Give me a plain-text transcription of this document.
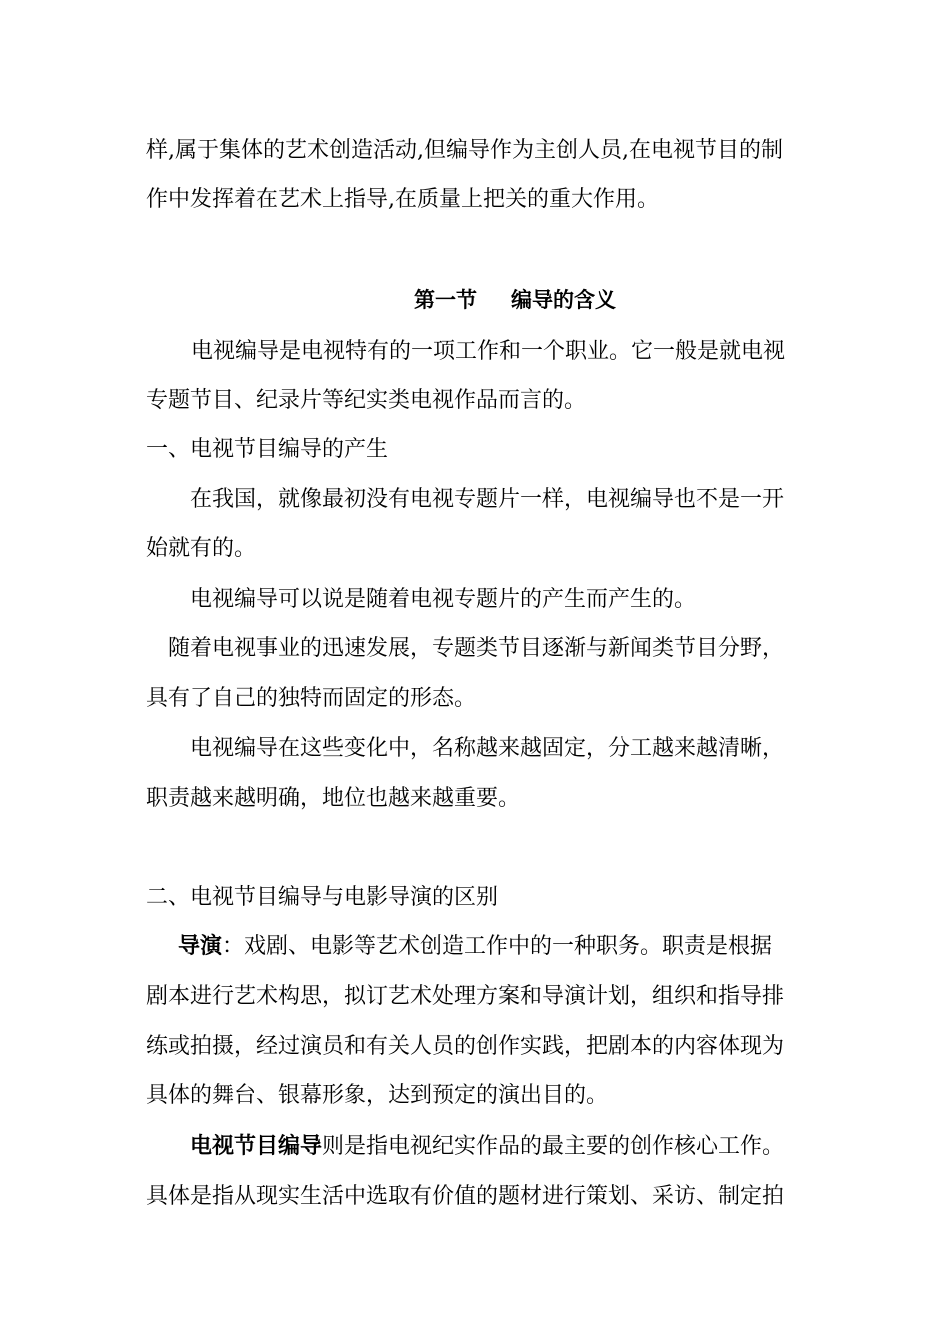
样,属于集体的艺术创造活动,但编导作为主创人员,在电视节目的制
作中发挥着在艺术上指导,在质量上把关的重大作用。
第一节 编导的含义
电视编导是电视特有的一项工作和一个职业。它一般是就电视
专题节目、纪录片等纪实类电视作品而言的。
一、电视节目编导的产生
在我国，就像最初没有电视专题片一样，电视编导也不是一开
始就有的。
电视编导可以说是随着电视专题片的产生而产生的。
随着电视事业的迅速发展，专题类节目逐渐与新闻类节目分野，
具有了自己的独特而固定的形态。
电视编导在这些变化中，名称越来越固定，分工越来越清晰，
职责越来越明确，地位也越来越重要。
二、电视节目编导与电影导演的区别
导演：戏剧、电影等艺术创造工作中的一种职务。职责是根据
剧本进行艺术构思，拟订艺术处理方案和导演计划，组织和指导排
练或拍摄，经过演员和有关人员的创作实践，把剧本的内容体现为
具体的舞台、银幕形象，达到预定的演出目的。
电视节目编导则是指电视纪实作品的最主要的创作核心工作。
具体是指从现实生活中选取有价值的题材进行策划、采访、制定拍
